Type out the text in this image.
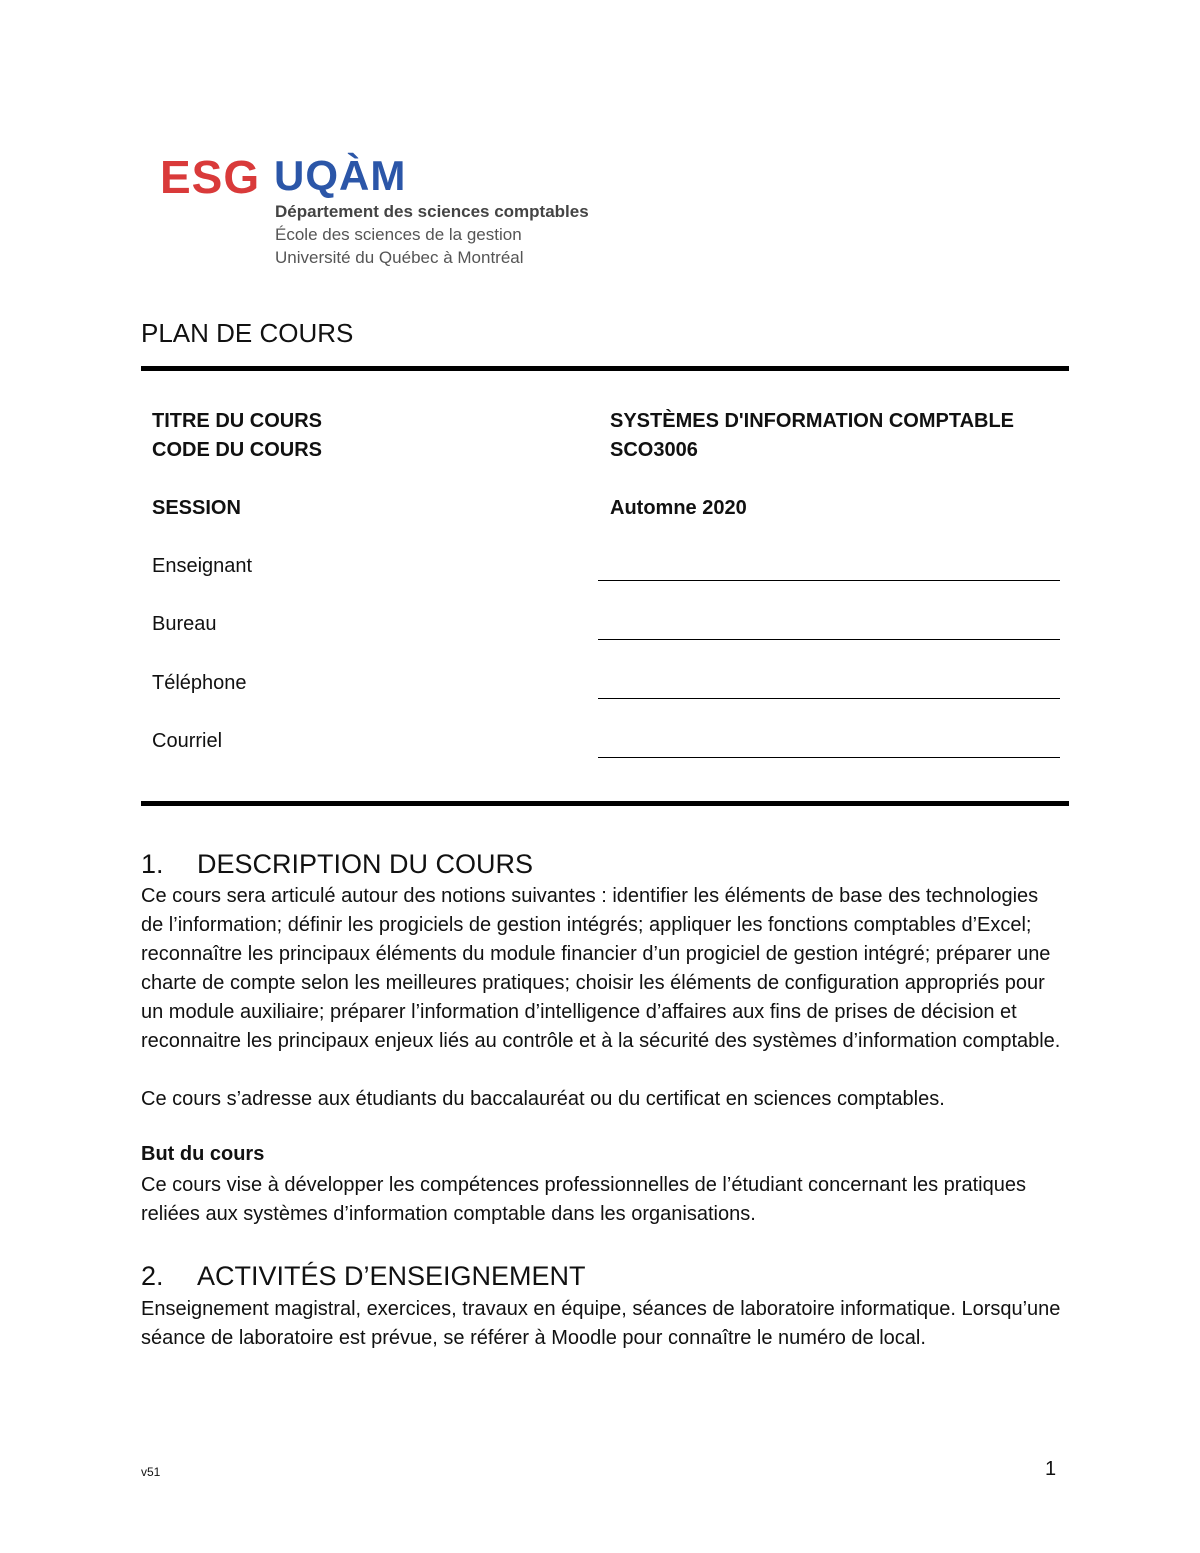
ESG UQÀM
Département des sciences comptables
École des sciences de la gestion
Université du Québec à Montréal
PLAN DE COURS
TITRE DU COURS	SYSTÈMES D'INFORMATION COMPTABLE
CODE DU COURS	SCO3006
SESSION	Automne 2020
Enseignant
Bureau
Téléphone
Courriel
1. DESCRIPTION DU COURS

Ce cours sera articulé autour des notions suivantes : identifier les éléments de base des technologies de l’information; définir les progiciels de gestion intégrés; appliquer les fonctions comptables d’Excel; reconnaître les principaux éléments du module financier d’un progiciel de gestion intégré; préparer une charte de compte selon les meilleures pratiques; choisir les éléments de configuration appropriés pour un module auxiliaire; préparer l’information d’intelligence d’affaires aux fins de prises de décision et reconnaitre les principaux enjeux liés au contrôle et à la sécurité des systèmes d’information comptable.

Ce cours s’adresse aux étudiants du baccalauréat ou du certificat en sciences comptables.

But du cours

Ce cours vise à développer les compétences professionnelles de l’étudiant concernant les pratiques reliées aux systèmes d’information comptable dans les organisations.

2. ACTIVITÉS D’ENSEIGNEMENT

Enseignement magistral, exercices, travaux en équipe, séances de laboratoire informatique. Lorsqu’une séance de laboratoire est prévue, se référer à Moodle pour connaître le numéro de local.

v51	1
